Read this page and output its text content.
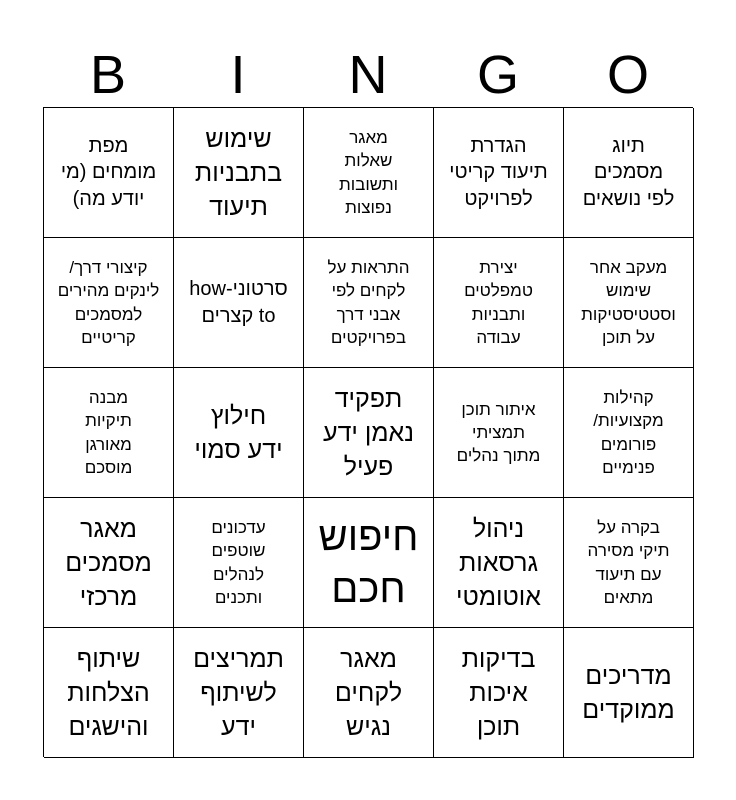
B	I	N	G	O
מפת
מומחים (מי
יודע מה)
שימוש
בתבניות
תיעוד
מאגר
שאלות
ותשובות
נפוצות
הגדרת
תיעוד קריטי
לפרויקט
תיוג
מסמכים
לפי נושאים
קיצורי דרך/
לינקים מהירים
למסמכים
קריטיים
סרטוני-how
to קצרים
התראות על
לקחים לפי
אבני דרך
בפרויקטים
יצירת
טמפלטים
ותבניות
עבודה
מעקב אחר
שימוש
וסטטיסטיקות
על תוכן
מבנה
תיקיות
מאורגן
מוסכם
חילוץ
ידע סמוי
תפקיד
נאמן ידע
פעיל
איתור תוכן
תמציתי
מתוך נהלים
קהילות
מקצועיות/
פורומים
פנימיים
מאגר
מסמכים
מרכזי
עדכונים
שוטפים
לנהלים
ותכנים
חיפוש
חכם
ניהול
גרסאות
אוטומטי
בקרה על
תיקי מסירה
עם תיעוד
מתאים
שיתוף
הצלחות
והישגים
תמריצים
לשיתוף
ידע
מאגר
לקחים
נגיש
בדיקות
איכות
תוכן
מדריכים
ממוקדים
